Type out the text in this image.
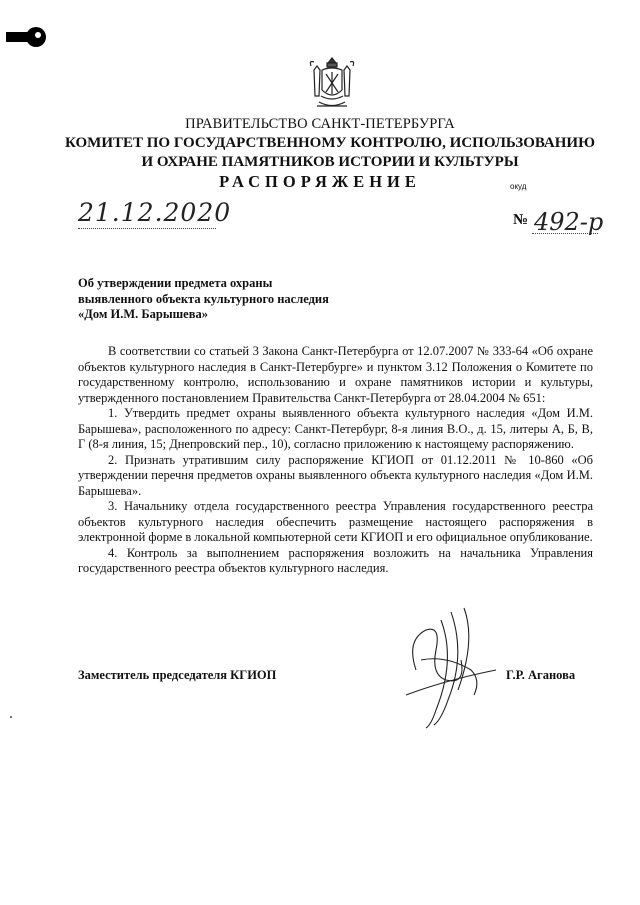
ПРАВИТЕЛЬСТВО САНКТ-ПЕТЕРБУРГА
КОМИТЕТ ПО ГОСУДАРСТВЕННОМУ КОНТРОЛЮ, ИСПОЛЬЗОВАНИЮ
И ОХРАНЕ ПАМЯТНИКОВ ИСТОРИИ И КУЛЬТУРЫ
РАСПОРЯЖЕНИЕ	окуд
21.12.2020	№ 492-р
Об утверждении предмета охраны
выявленного объекта культурного наследия
«Дом И.М. Барышева»

В соответствии со статьей 3 Закона Санкт-Петербурга от 12.07.2007 № 333-64 «Об охране объектов культурного наследия в Санкт-Петербурге» и пунктом 3.12 Положения о Комитете по государственному контролю, использованию и охране памятников истории и культуры, утвержденного постановлением Правительства Санкт-Петербурга от 28.04.2004 № 651:

1. Утвердить предмет охраны выявленного объекта культурного наследия «Дом И.М. Барышева», расположенного по адресу: Санкт-Петербург, 8-я линия В.О., д. 15, литеры А, Б, В, Г (8-я линия, 15; Днепровский пер., 10), согласно приложению к настоящему распоряжению.

2. Признать утратившим силу распоряжение КГИОП от 01.12.2011 № 10-860 «Об утверждении перечня предметов охраны выявленного объекта культурного наследия «Дом И.М. Барышева».

3. Начальнику отдела государственного реестра Управления государственного реестра объектов культурного наследия обеспечить размещение настоящего распоряжения в электронной форме в локальной компьютерной сети КГИОП и его официальное опубликование.

4. Контроль за выполнением распоряжения возложить на начальника Управления государственного реестра объектов культурного наследия.

Заместитель председателя КГИОП	Г.Р. Аганова
